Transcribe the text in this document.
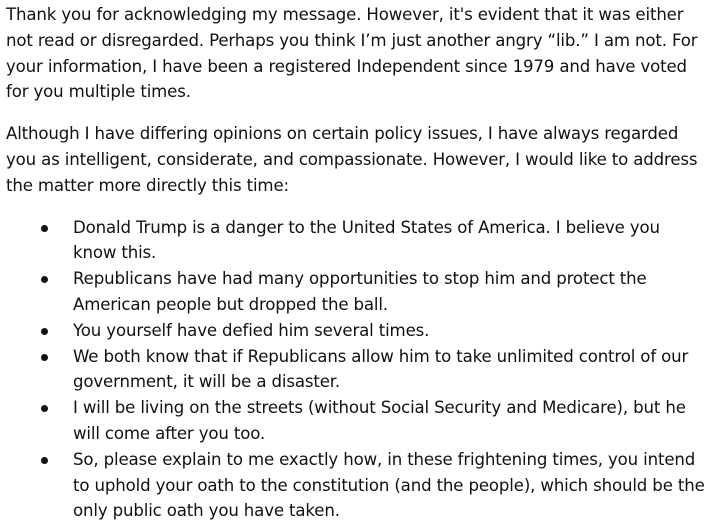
Thank you for acknowledging my message. However, it's evident that it was either not read or disregarded. Perhaps you think I’m just another angry “lib.” I am not. For your information, I have been a registered Independent since 1979 and have voted for you multiple times.

Although I have differing opinions on certain policy issues, I have always regarded you as intelligent, considerate, and compassionate. However, I would like to address the matter more directly this time:

Donald Trump is a danger to the United States of America. I believe you know this.
Republicans have had many opportunities to stop him and protect the American people but dropped the ball.
You yourself have defied him several times.
We both know that if Republicans allow him to take unlimited control of our government, it will be a disaster.
I will be living on the streets (without Social Security and Medicare), but he will come after you too.
So, please explain to me exactly how, in these frightening times, you intend to uphold your oath to the constitution (and the people), which should be the only public oath you have taken.
